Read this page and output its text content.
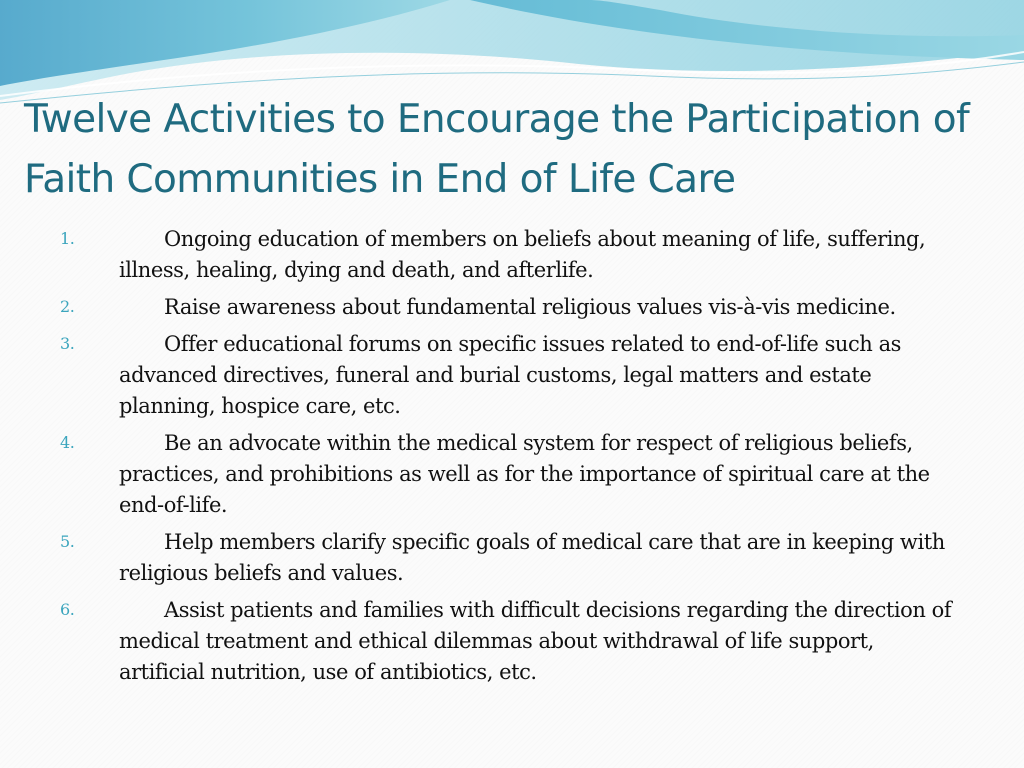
Twelve Activities to Encourage the Participation of Faith Communities in End of Life Care
1.	Ongoing education of members on beliefs about meaning of life, suffering, illness, healing, dying and death, and afterlife.
2.	Raise awareness about fundamental religious values vis-à-vis medicine.
3.	Offer educational forums on specific issues related to end-of-life such as advanced directives, funeral and burial customs, legal matters and estate planning, hospice care, etc.
4.	Be an advocate within the medical system for respect of religious beliefs, practices, and prohibitions as well as for the importance of spiritual care at the end-of-life.
5.	Help members clarify specific goals of medical care that are in keeping with religious beliefs and values.
6.	Assist patients and families with difficult decisions regarding the direction of medical treatment and ethical dilemmas about withdrawal of life support, artificial nutrition, use of antibiotics, etc.
